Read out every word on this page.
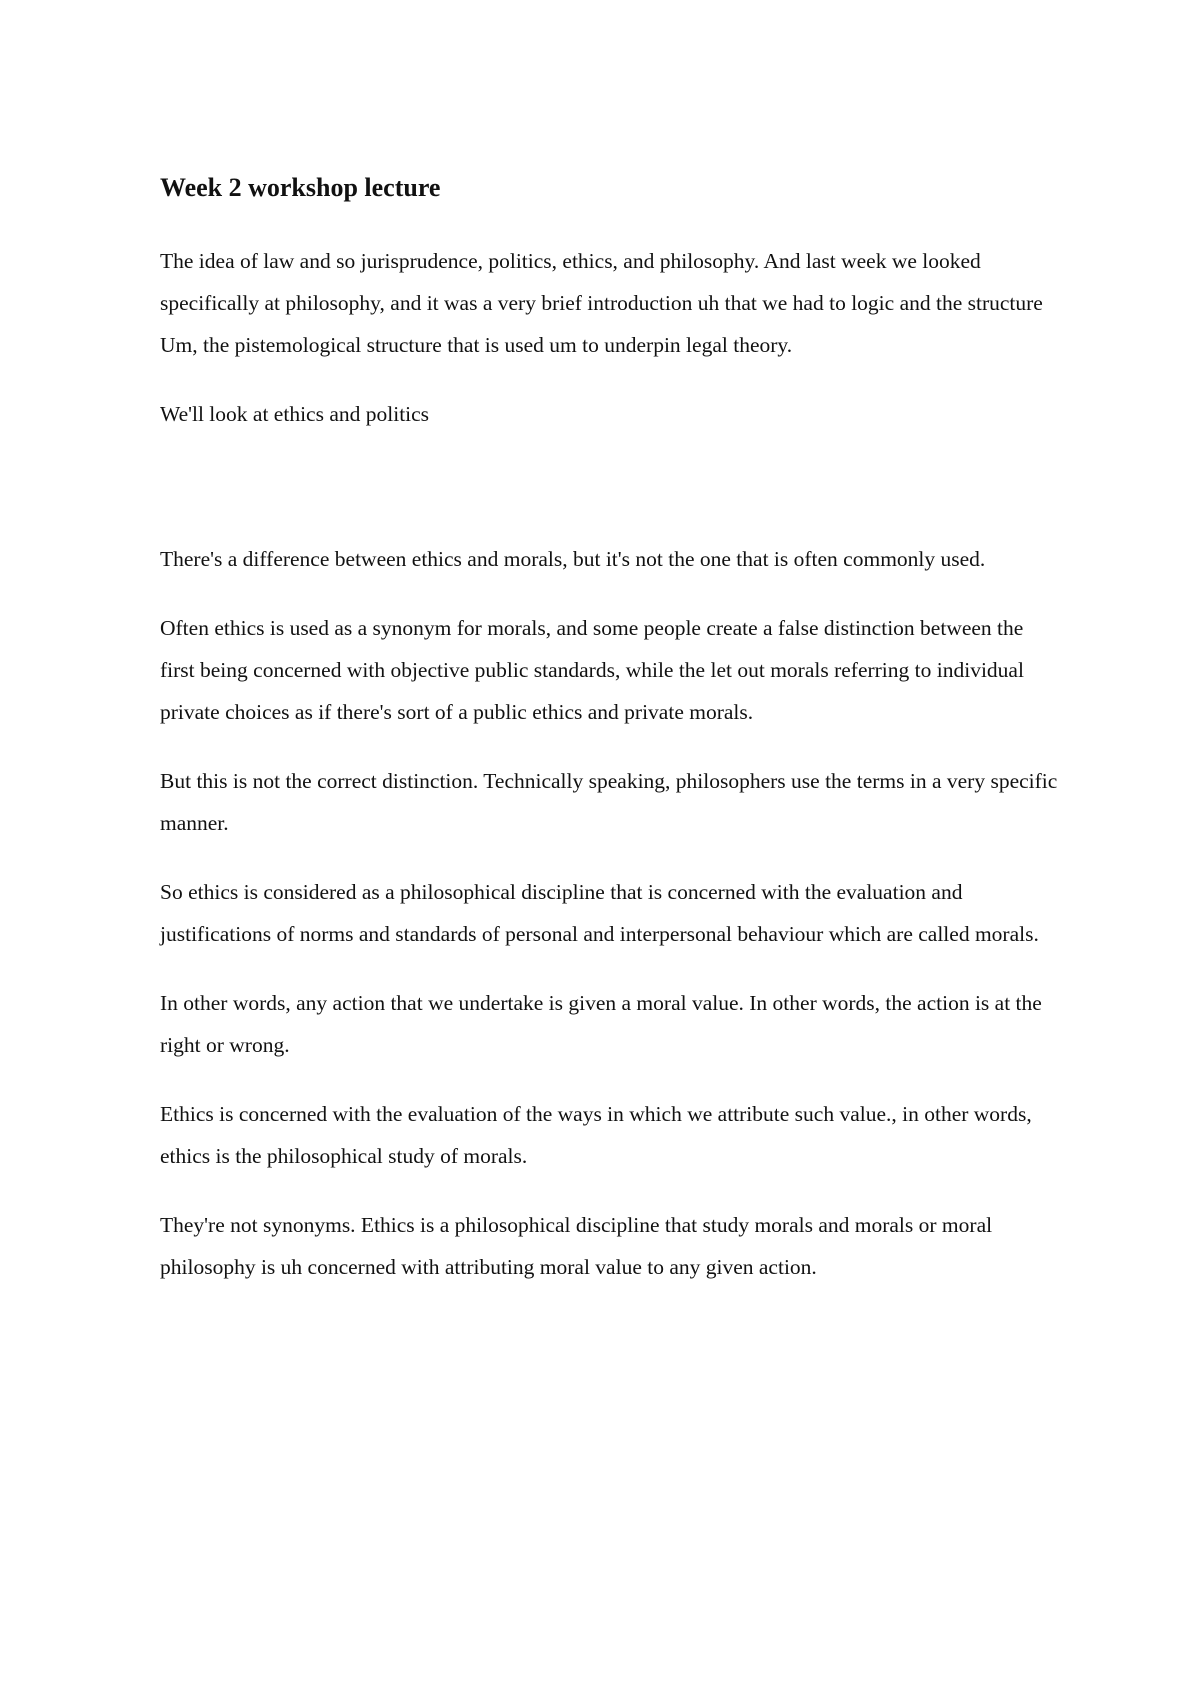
Week 2 workshop lecture

The idea of law and so jurisprudence, politics, ethics, and philosophy. And last week we looked specifically at philosophy, and it was a very brief introduction uh that we had to logic and the structure Um, the pistemological structure that is used um to underpin legal theory.

We'll look at ethics and politics

There's a difference between ethics and morals, but it's not the one that is often commonly used.

Often ethics is used as a synonym for morals, and some people create a false distinction between the first being concerned with objective public standards, while the let out morals referring to individual private choices as if there's sort of a public ethics and private morals.

But this is not the correct distinction. Technically speaking, philosophers use the terms in a very specific manner.

So ethics is considered as a philosophical discipline that is concerned with the evaluation and justifications of norms and standards of personal and interpersonal behaviour which are called morals.

In other words, any action that we undertake is given a moral value. In other words, the action is at the right or wrong.

Ethics is concerned with the evaluation of the ways in which we attribute such value., in other words, ethics is the philosophical study of morals.

They're not synonyms. Ethics is a philosophical discipline that study morals and morals or moral philosophy is uh concerned with attributing moral value to any given action.
